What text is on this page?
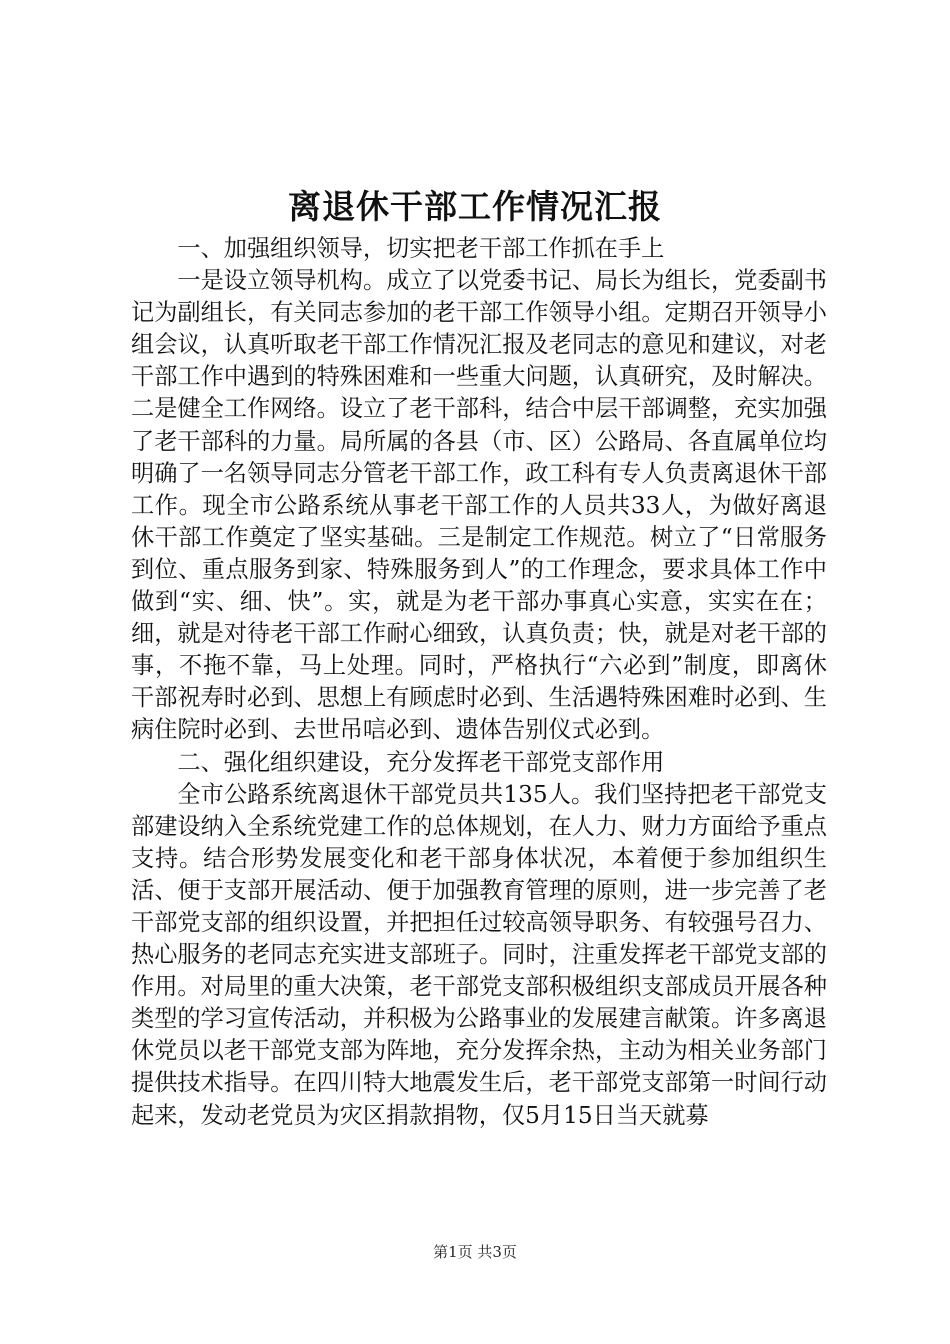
离退休干部工作情况汇报

一、加强组织领导，切实把老干部工作抓在手上

一是设立领导机构。成立了以党委书记、局长为组长，党委副书记为副组长，有关同志参加的老干部工作领导小组。定期召开领导小组会议，认真听取老干部工作情况汇报及老同志的意见和建议，对老干部工作中遇到的特殊困难和一些重大问题，认真研究，及时解决。二是健全工作网络。设立了老干部科，结合中层干部调整，充实加强了老干部科的力量。局所属的各县（市、区）公路局、各直属单位均明确了一名领导同志分管老干部工作，政工科有专人负责离退休干部工作。现全市公路系统从事老干部工作的人员共33人，为做好离退休干部工作奠定了坚实基础。三是制定工作规范。树立了“日常服务到位、重点服务到家、特殊服务到人”的工作理念，要求具体工作中做到“实、细、快”。实，就是为老干部办事真心实意，实实在在；细，就是对待老干部工作耐心细致，认真负责；快，就是对老干部的事，不拖不靠，马上处理。同时，严格执行“六必到”制度，即离休干部祝寿时必到、思想上有顾虑时必到、生活遇特殊困难时必到、生病住院时必到、去世吊唁必到、遗体告别仪式必到。

二、强化组织建设，充分发挥老干部党支部作用

全市公路系统离退休干部党员共135人。我们坚持把老干部党支部建设纳入全系统党建工作的总体规划，在人力、财力方面给予重点支持。结合形势发展变化和老干部身体状况，本着便于参加组织生活、便于支部开展活动、便于加强教育管理的原则，进一步完善了老干部党支部的组织设置，并把担任过较高领导职务、有较强号召力、热心服务的老同志充实进支部班子。同时，注重发挥老干部党支部的作用。对局里的重大决策，老干部党支部积极组织支部成员开展各种类型的学习宣传活动，并积极为公路事业的发展建言献策。许多离退休党员以老干部党支部为阵地，充分发挥余热，主动为相关业务部门提供技术指导。在四川特大地震发生后，老干部党支部第一时间行动起来，发动老党员为灾区捐款捐物，仅5月15日当天就募

第1页 共3页
